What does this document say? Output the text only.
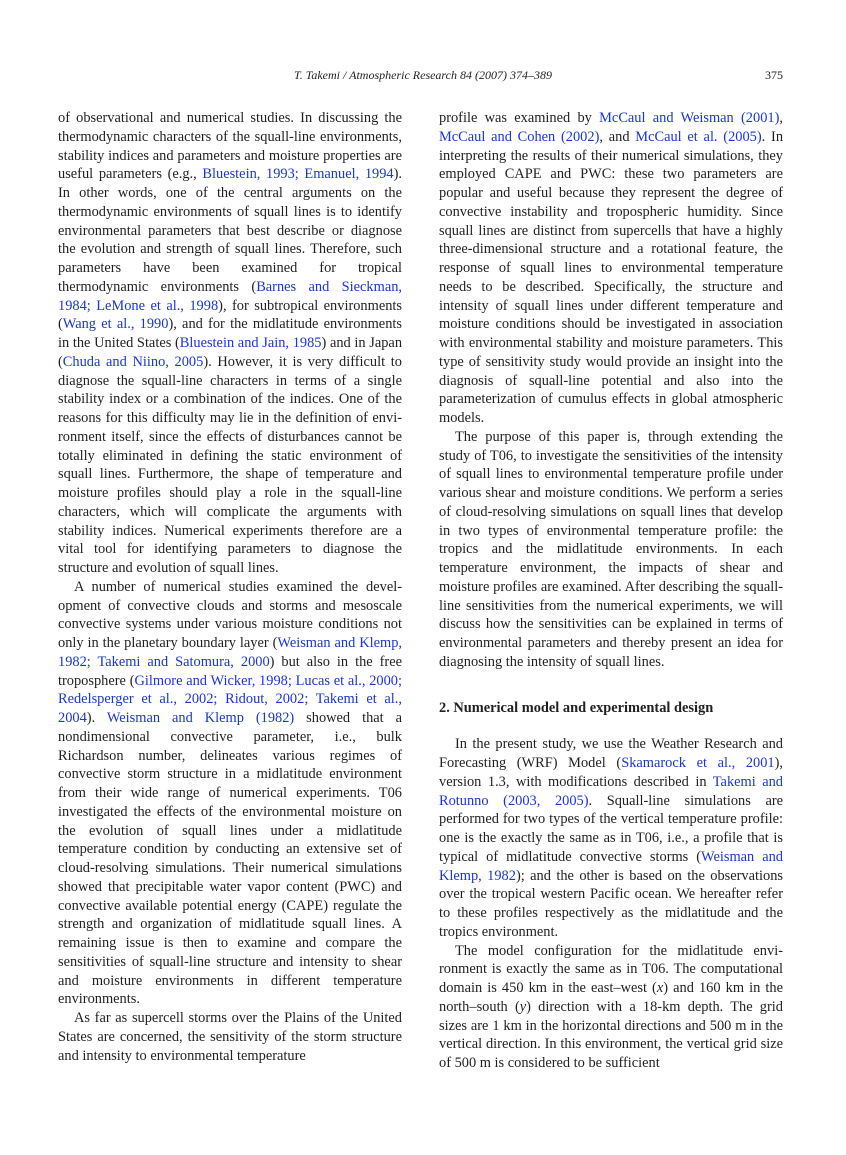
T. Takemi / Atmospheric Research 84 (2007) 374–389	375

of observational and numerical studies. In discussing the thermodynamic characters of the squall-line environments, stability indices and parameters and moisture properties are useful parameters (e.g., Bluestein, 1993; Emanuel, 1994). In other words, one of the central arguments on the thermodynamic environments of squall lines is to identify environmental parameters that best describe or diagnose the evolution and strength of squall lines. Therefore, such parameters have been examined for tropical thermodynamic environments (Barnes and Sieckman, 1984; LeMone et al., 1998), for subtropical environments (Wang et al., 1990), and for the midlatitude environments in the United States (Bluestein and Jain, 1985) and in Japan (Chuda and Niino, 2005). However, it is very difficult to diagnose the squall-line characters in terms of a single stability index or a combination of the indices. One of the reasons for this difficulty may lie in the definition of environment itself, since the effects of disturbances cannot be totally eliminated in defining the static environment of squall lines. Furthermore, the shape of temperature and moisture profiles should play a role in the squall-line characters, which will complicate the arguments with stability indices. Numerical experiments therefore are a vital tool for identifying parameters to diagnose the structure and evolution of squall lines.

A number of numerical studies examined the development of convective clouds and storms and mesoscale convective systems under various moisture conditions not only in the planetary boundary layer (Weisman and Klemp, 1982; Takemi and Satomura, 2000) but also in the free troposphere (Gilmore and Wicker, 1998; Lucas et al., 2000; Redelsperger et al., 2002; Ridout, 2002; Takemi et al., 2004). Weisman and Klemp (1982) showed that a nondimensional convective parameter, i.e., bulk Richardson number, delineates various regimes of convective storm structure in a midlatitude environment from their wide range of numerical experiments. T06 investigated the effects of the environmental moisture on the evolution of squall lines under a midlatitude temperature condition by conducting an extensive set of cloud-resolving simulations. Their numerical simulations showed that precipitable water vapor content (PWC) and convective available potential energy (CAPE) regulate the strength and organization of midlatitude squall lines. A remaining issue is then to examine and compare the sensitivities of squall-line structure and intensity to shear and moisture environments in different temperature environments.

As far as supercell storms over the Plains of the United States are concerned, the sensitivity of the storm structure and intensity to environmental temperature

profile was examined by McCaul and Weisman (2001), McCaul and Cohen (2002), and McCaul et al. (2005). In interpreting the results of their numerical simulations, they employed CAPE and PWC: these two parameters are popular and useful because they represent the degree of convective instability and tropospheric humidity. Since squall lines are distinct from supercells that have a highly three-dimensional structure and a rotational feature, the response of squall lines to environmental temperature needs to be described. Specifically, the structure and intensity of squall lines under different temperature and moisture conditions should be investigated in association with environmental stability and moisture parameters. This type of sensitivity study would provide an insight into the diagnosis of squall-line potential and also into the parameterization of cumulus effects in global atmospheric models.

The purpose of this paper is, through extending the study of T06, to investigate the sensitivities of the intensity of squall lines to environmental temperature profile under various shear and moisture conditions. We perform a series of cloud-resolving simulations on squall lines that develop in two types of environmental temperature profile: the tropics and the midlatitude environments. In each temperature environment, the impacts of shear and moisture profiles are examined. After describing the squall-line sensitivities from the numerical experiments, we will discuss how the sensitivities can be explained in terms of environmental parameters and thereby present an idea for diagnosing the intensity of squall lines.

2. Numerical model and experimental design

In the present study, we use the Weather Research and Forecasting (WRF) Model (Skamarock et al., 2001), version 1.3, with modifications described in Takemi and Rotunno (2003, 2005). Squall-line simulations are performed for two types of the vertical temperature profile: one is the exactly the same as in T06, i.e., a profile that is typical of midlatitude convective storms (Weisman and Klemp, 1982); and the other is based on the observations over the tropical western Pacific ocean. We hereafter refer to these profiles respectively as the midlatitude and the tropics environment.

The model configuration for the midlatitude environment is exactly the same as in T06. The computational domain is 450 km in the east–west (x) and 160 km in the north–south (y) direction with a 18-km depth. The grid sizes are 1 km in the horizontal directions and 500 m in the vertical direction. In this environment, the vertical grid size of 500 m is considered to be sufficient
